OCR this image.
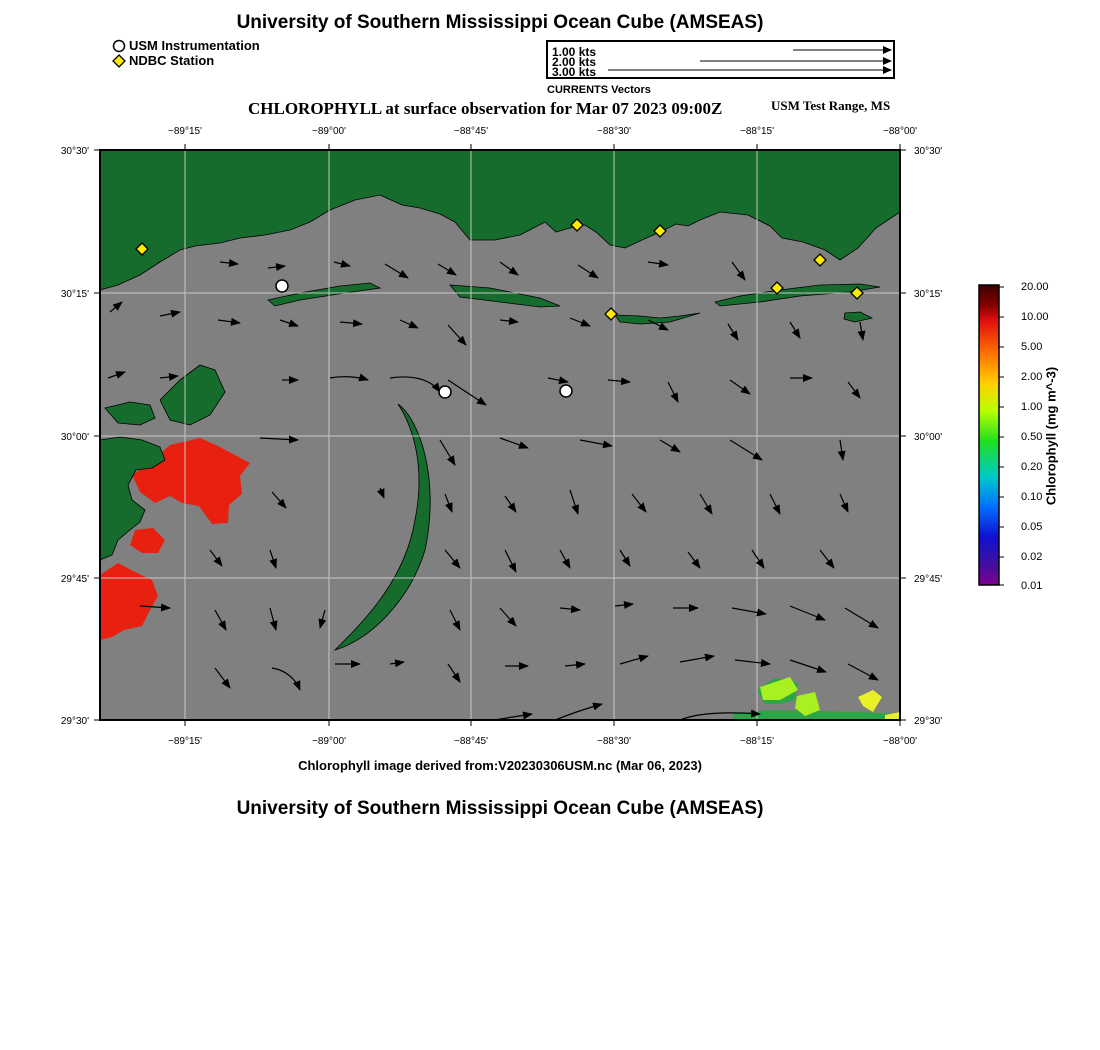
University of Southern Mississippi Ocean Cube (AMSEAS)
USM Instrumentation
NDBC Station
1.00 kts
2.00 kts
3.00 kts
CURRENTS Vectors
CHLOROPHYLL at surface observation for Mar 07 2023 09:00Z	USM Test Range, MS
−89°15'	−89°00'	−88°45'	−88°30'	−88°15'	−88°00'
−89°15'	−89°00'	−88°45'	−88°30'	−88°15'	−88°00'
30°30'
30°15'
30°00'
29°45'
29°30'
30°30'
30°15'
30°00'
29°45'
29°30'
20.00
10.00
5.00
2.00
1.00
0.50
0.20
0.10
0.05
0.02
0.01
Chlorophyll (mg m^-3)
Chlorophyll image derived from:V20230306USM.nc (Mar 06, 2023)
University of Southern Mississippi Ocean Cube (AMSEAS)
